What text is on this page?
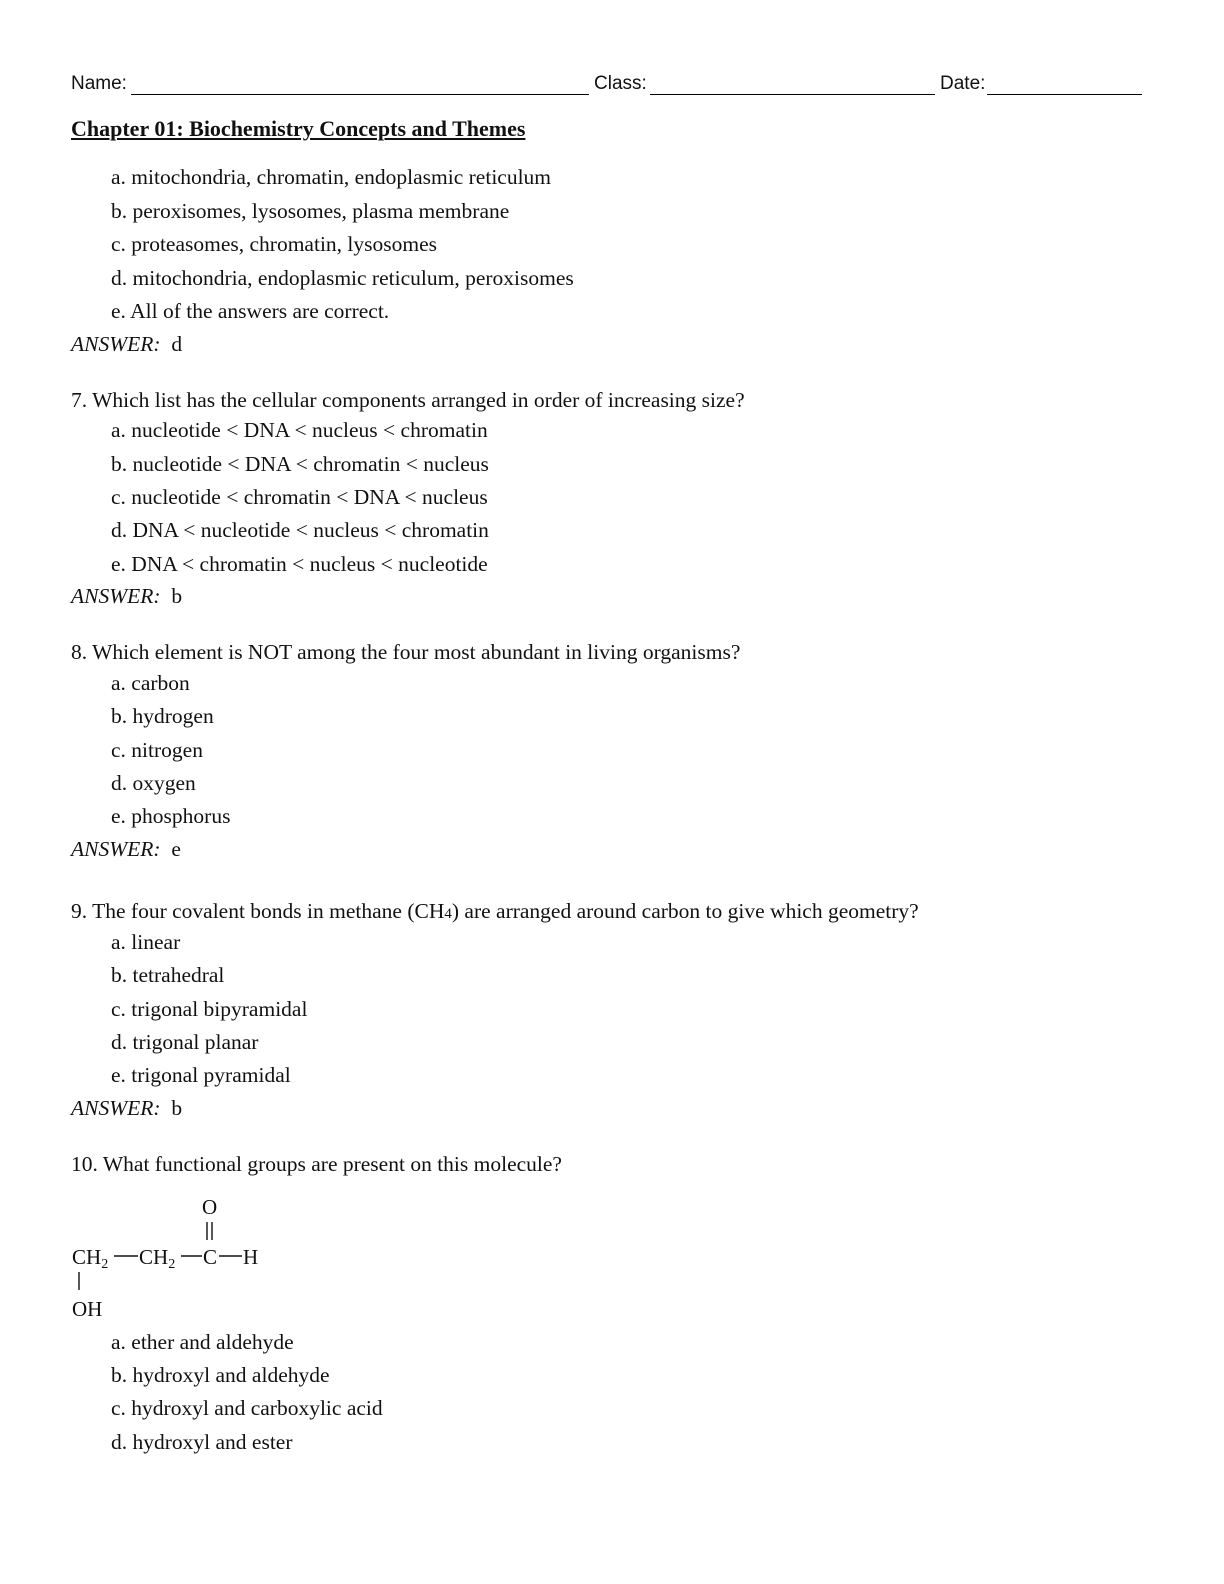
Name:	Class:	Date:
Chapter 01: Biochemistry Concepts and Themes
a. mitochondria, chromatin, endoplasmic reticulum
b. peroxisomes, lysosomes, plasma membrane
c. proteasomes, chromatin, lysosomes
d. mitochondria, endoplasmic reticulum, peroxisomes
e. All of the answers are correct.
ANSWER: d
7. Which list has the cellular components arranged in order of increasing size?
a. nucleotide < DNA < nucleus < chromatin
b. nucleotide < DNA < chromatin < nucleus
c. nucleotide < chromatin < DNA < nucleus
d. DNA < nucleotide < nucleus < chromatin
e. DNA < chromatin < nucleus < nucleotide
ANSWER: b
8. Which element is NOT among the four most abundant in living organisms?
a. carbon
b. hydrogen
c. nitrogen
d. oxygen
e. phosphorus
ANSWER: e
9. The four covalent bonds in methane (CH4) are arranged around carbon to give which geometry?
a. linear
b. tetrahedral
c. trigonal bipyramidal
d. trigonal planar
e. trigonal pyramidal
ANSWER: b
10. What functional groups are present on this molecule?
O
CH2 CH2 C H
OH
a. ether and aldehyde
b. hydroxyl and aldehyde
c. hydroxyl and carboxylic acid
d. hydroxyl and ester
